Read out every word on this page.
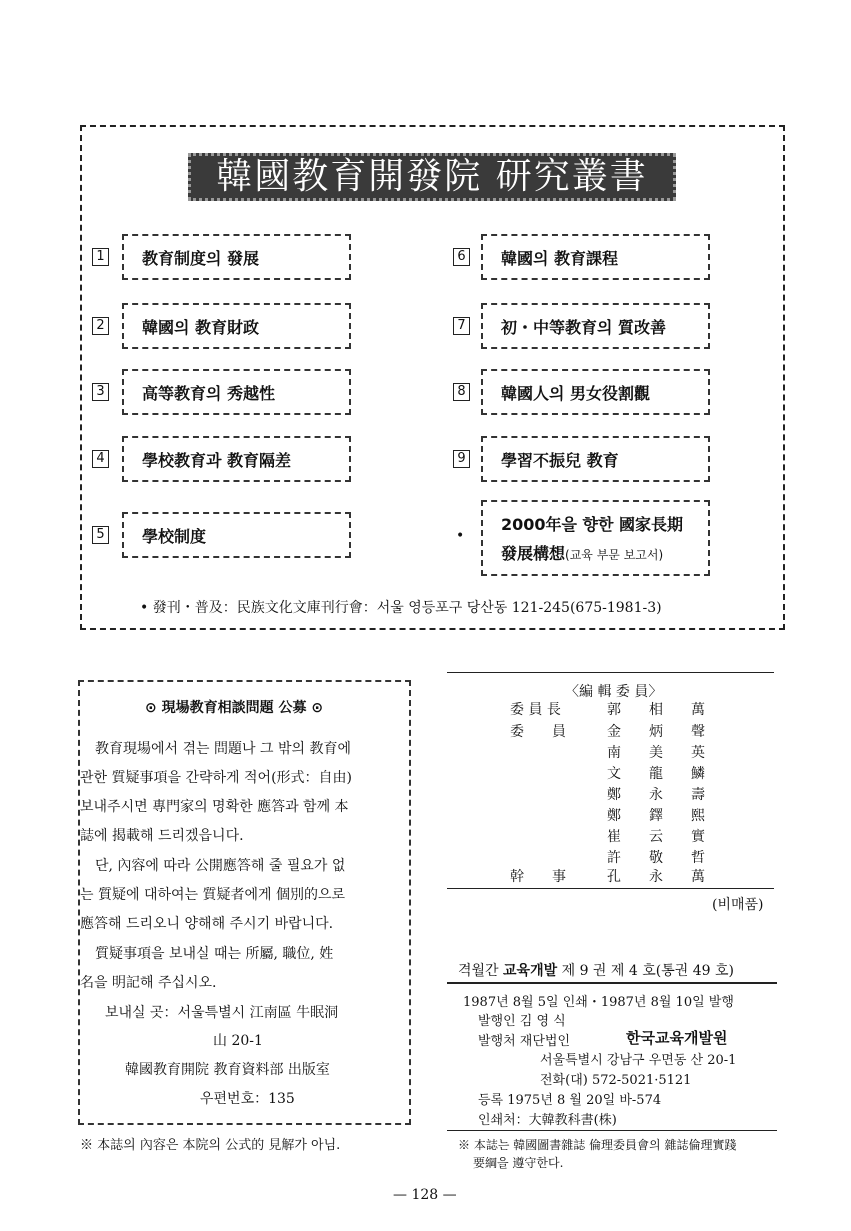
韓國教育開發院 研究叢書
1 教育制度의 發展
2 韓國의 教育財政
3 高等教育의 秀越性
4 學校教育과 教育隔差
5 學校制度
6 韓國의 教育課程
7 初・中等教育의 質改善
8 韓國人의 男女役割觀
9 學習不振兒 教育
•
2000年을 향한 國家長期
發展構想(교육 부문 보고서)
• 發刊・普及：民族文化文庫刊行會：서울 영등포구 당산동 121-245(675-1981-3)
⊙ 現場教育相談問題 公募 ⊙
教育現場에서 겪는 問題나 그 밖의 教育에
관한 質疑事項을 간략하게 적어(形式：自由)
보내주시면 專門家의 명확한 應答과 함께 本
誌에 揭載해 드리겠읍니다.
단, 內容에 따라 公開應答해 줄 필요가 없
는 質疑에 대하여는 質疑者에게 個別的으로
應答해 드리오니 양해해 주시기 바랍니다.
質疑事項을 보내실 때는 所屬, 職位, 姓
名을 明記해 주십시오.
보내실 곳：서울특별시 江南區 牛眠洞
山 20-1
韓國教育開院 教育資料部 出版室
우편번호：135
※ 本誌의 內容은 本院의 公式的 見解가 아님.
〈編 輯 委 員〉
委 員 長	郭　　相　　萬
委　　員	金　　炳　　聲
南　　美　　英
文　　龍　　鱗
鄭　　永　　壽
鄭　　鐸　　熙
崔　　云　　實
許　　敬　　哲
幹　　事	孔　　永　　萬
(비매품)
격월간 교육개발 제 9 권 제 4 호(통권 49 호)
1987년 8월 5일 인쇄・1987년 8월 10일 발행
발행인 김 영 식
발행처 재단법인	한국교육개발원
서울특별시 강남구 우면동 산 20-1
전화(대) 572-5021·5121
등록 1975년 8 월 20일 바-574
인쇄처：大韓教科書(株)
※ 本誌는 韓國圖書雜誌 倫理委員會의 雜誌倫理實踐
要綱을 遵守한다.
— 128 —
